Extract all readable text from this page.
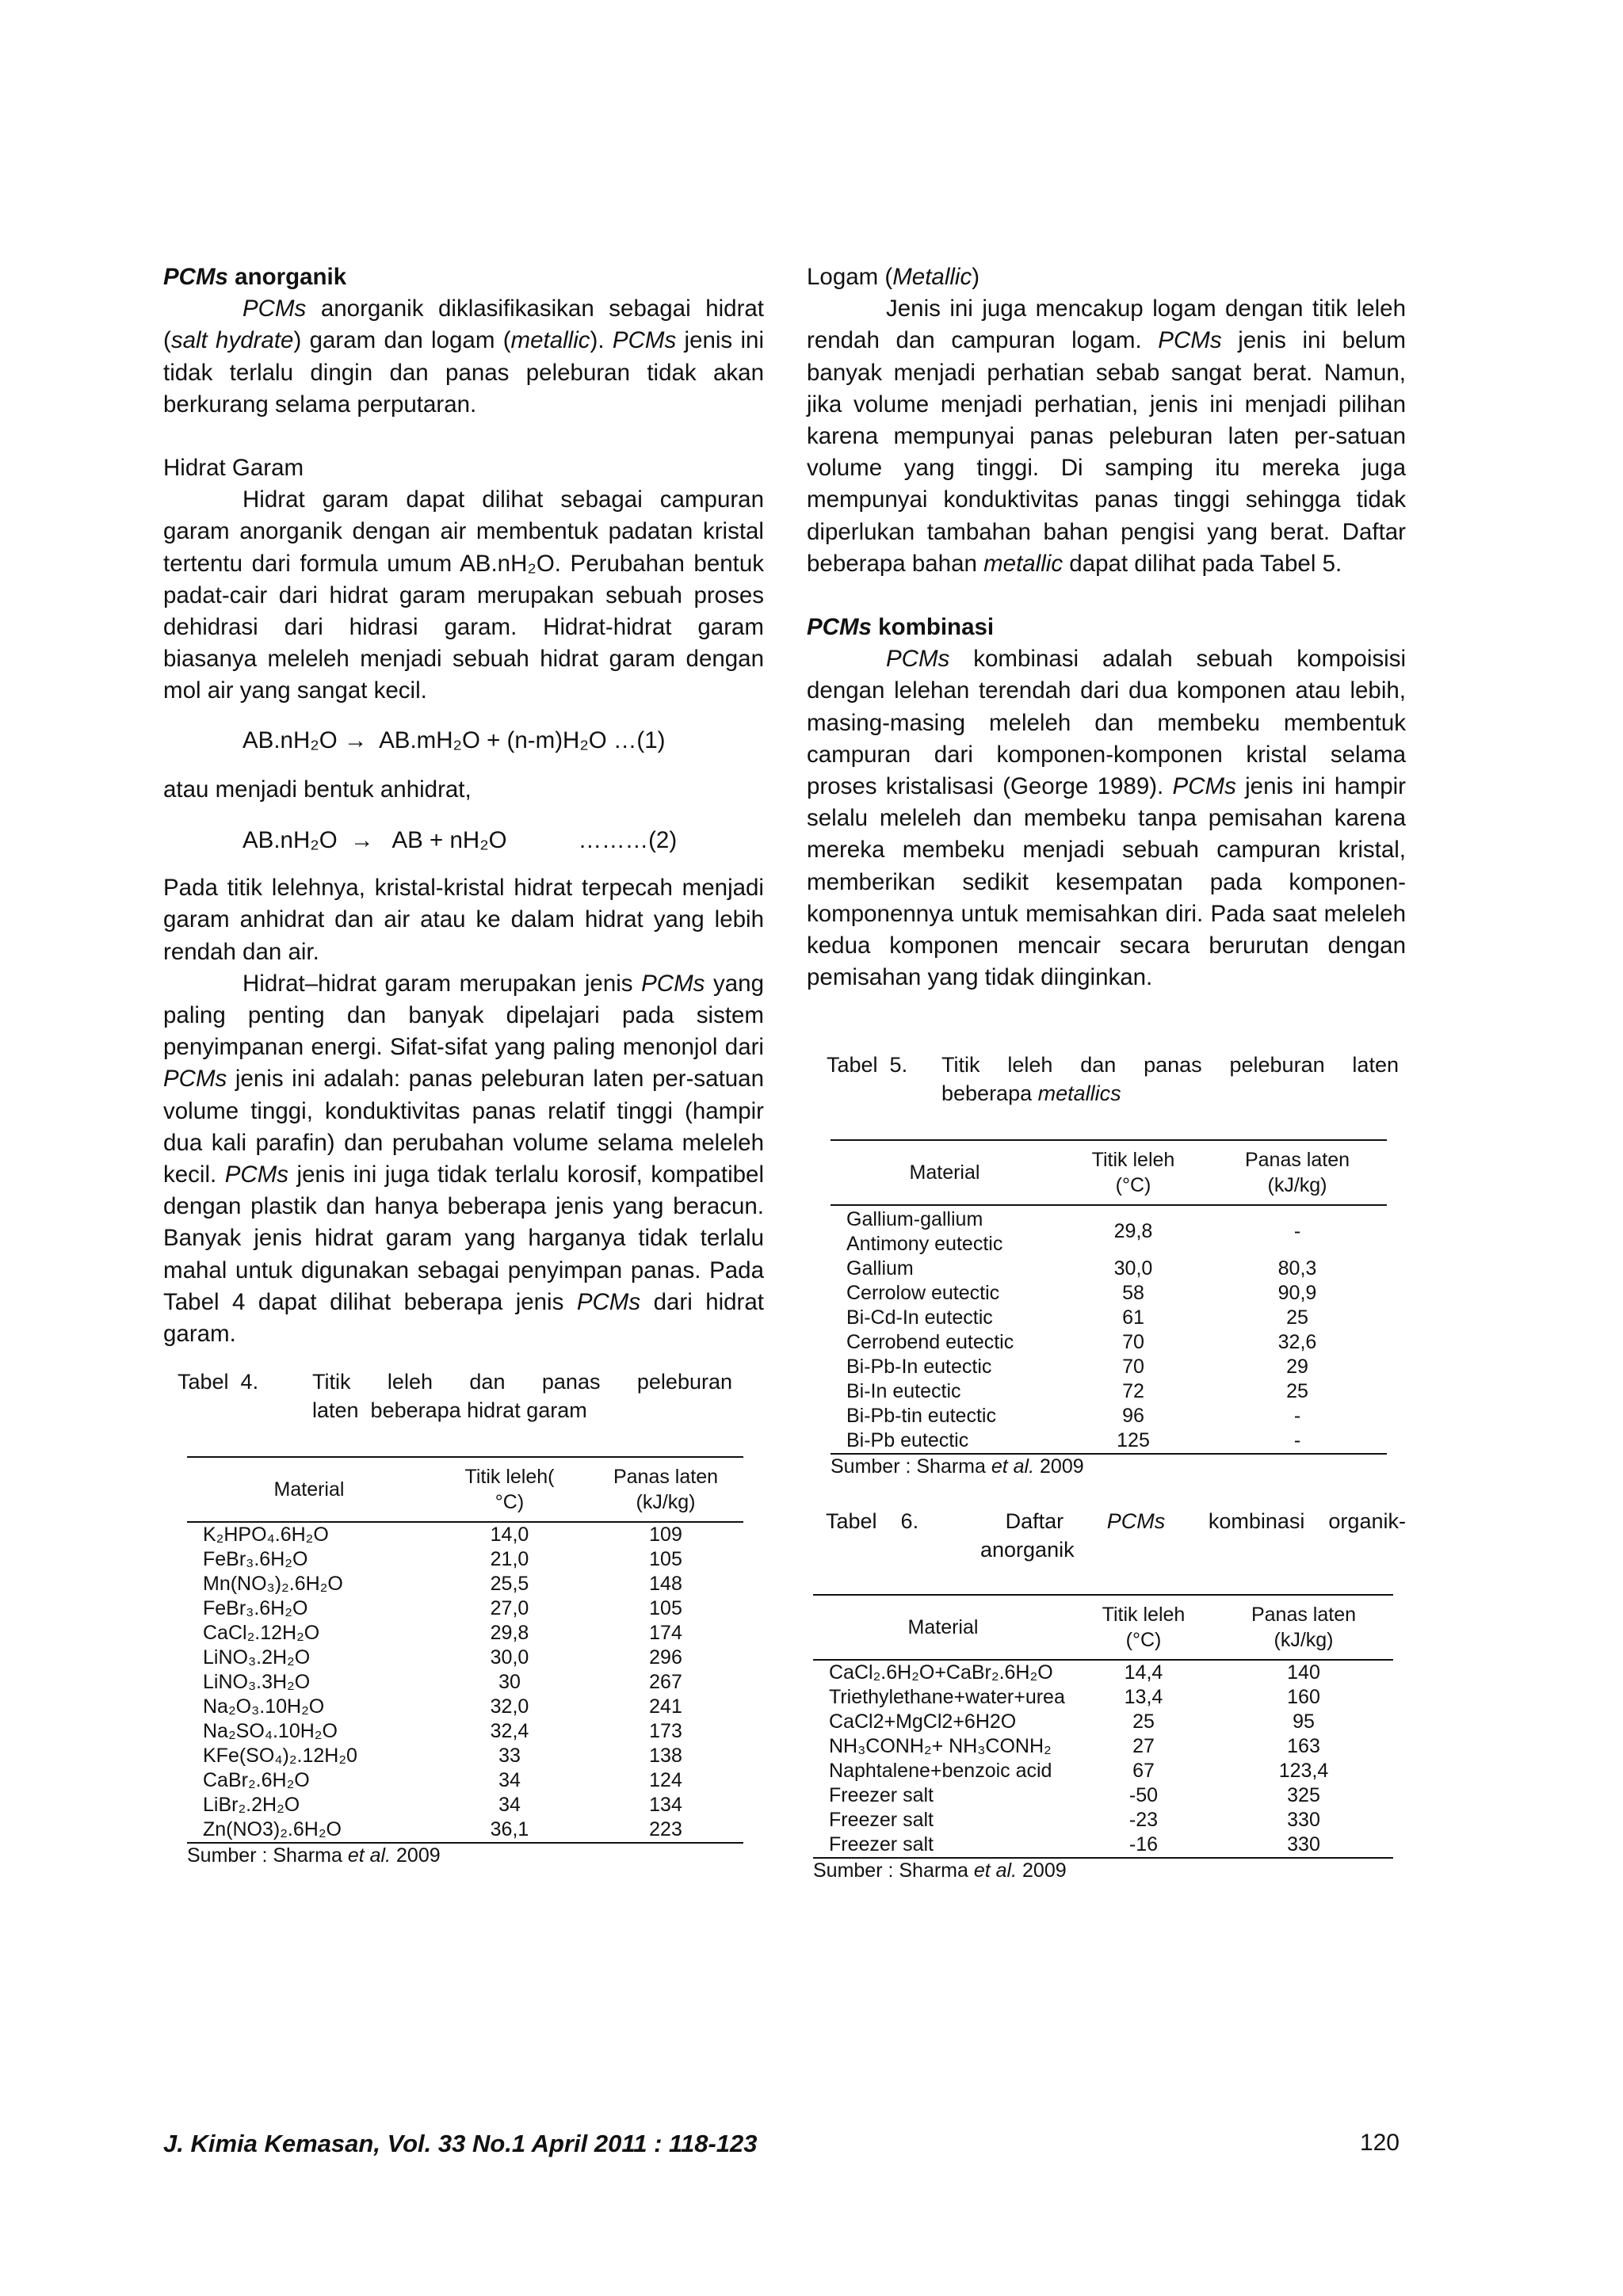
PCMs anorganik

PCMs anorganik diklasifikasikan sebagai hidrat (salt hydrate) garam dan logam (metallic). PCMs jenis ini tidak terlalu dingin dan panas peleburan tidak akan berkurang selama perputaran.

Hidrat Garam

Hidrat garam dapat dilihat sebagai campuran garam anorganik dengan air membentuk padatan kristal tertentu dari formula umum AB.nH₂O. Perubahan bentuk padat-cair dari hidrat garam merupakan sebuah proses dehidrasi dari hidrasi garam. Hidrat-hidrat garam biasanya meleleh menjadi sebuah hidrat garam dengan mol air yang sangat kecil.

AB.nH₂O →  AB.mH₂O + (n-m)H₂O …(1)

atau menjadi bentuk anhidrat,

AB.nH₂O  →   AB + nH₂O	………(2)

Pada titik lelehnya, kristal-kristal hidrat terpecah menjadi garam anhidrat dan air atau ke dalam hidrat yang lebih rendah dan air.

Hidrat–hidrat garam merupakan jenis PCMs yang paling penting dan banyak dipelajari pada sistem penyimpanan energi. Sifat-sifat yang paling menonjol dari PCMs jenis ini adalah: panas peleburan laten per-satuan volume tinggi, konduktivitas panas relatif tinggi (hampir dua kali parafin) dan perubahan volume selama meleleh kecil. PCMs jenis ini juga tidak terlalu korosif, kompatibel dengan plastik dan hanya beberapa jenis yang beracun. Banyak jenis hidrat garam yang harganya tidak terlalu mahal untuk digunakan sebagai penyimpan panas. Pada Tabel 4 dapat dilihat beberapa jenis PCMs dari hidrat garam.

Tabel  4.	Titik  leleh  dan  panas  peleburan
laten  beberapa hidrat garam
Material	Titik leleh(
°C)	Panas laten
(kJ/kg)
K₂HPO₄.6H₂O	14,0	109
FeBr₃.6H₂O	21,0	105
Mn(NO₃)₂.6H₂O	25,5	148
FeBr₃.6H₂O	27,0	105
CaCl₂.12H₂O	29,8	174
LiNO₃.2H₂O	30,0	296
LiNO₃.3H₂O	30	267
Na₂O₃.10H₂O	32,0	241
Na₂SO₄.10H₂O	32,4	173
KFe(SO₄)₂.12H₂0	33	138
CaBr₂.6H₂O	34	124
LiBr₂.2H₂O	34	134
Zn(NO3)₂.6H₂O	36,1	223
Sumber : Sharma et al. 2009

Logam (Metallic)

Jenis ini juga mencakup logam dengan titik leleh rendah dan campuran logam. PCMs jenis ini belum banyak menjadi perhatian sebab sangat berat. Namun, jika volume menjadi perhatian, jenis ini menjadi pilihan karena mempunyai panas peleburan laten per-satuan volume yang tinggi. Di samping itu mereka juga mempunyai konduktivitas panas tinggi sehingga tidak diperlukan tambahan bahan pengisi yang berat. Daftar beberapa bahan metallic dapat dilihat pada Tabel 5.

PCMs kombinasi

PCMs kombinasi adalah sebuah kompoisisi dengan lelehan terendah dari dua komponen atau lebih, masing-masing meleleh dan membeku membentuk campuran dari komponen-komponen kristal selama proses kristalisasi (George 1989). PCMs jenis ini hampir selalu meleleh dan membeku tanpa pemisahan karena mereka membeku menjadi sebuah campuran kristal, memberikan sedikit kesempatan pada komponen-komponennya untuk memisahkan diri. Pada saat meleleh kedua komponen mencair secara berurutan dengan pemisahan yang tidak diinginkan.

Tabel  5.	Titik  leleh  dan  panas  peleburan  laten
beberapa metallics
Material	Titik leleh
(°C)	Panas laten
(kJ/kg)
Gallium-gallium
Antimony eutectic	29,8	-
Gallium	30,0	80,3
Cerrolow eutectic	58	90,9
Bi-Cd-In eutectic	61	25
Cerrobend eutectic	70	32,6
Bi-Pb-In eutectic	70	29
Bi-In eutectic	72	25
Bi-Pb-tin eutectic	96	-
Bi-Pb eutectic	125	-
Sumber : Sharma et al. 2009
Tabel    6.	Daftar PCMs kombinasi    organik-
anorganik
Material	Titik leleh
(°C)	Panas laten
(kJ/kg)
CaCl₂.6H₂O+CaBr₂.6H₂O	14,4	140
Triethylethane+water+urea	13,4	160
CaCl2+MgCl2+6H2O	25	95
NH₃CONH₂+ NH₃CONH₂	27	163
Naphtalene+benzoic acid	67	123,4
Freezer salt	-50	325
Freezer salt	-23	330
Freezer salt	-16	330
Sumber : Sharma et al. 2009
J. Kimia Kemasan, Vol. 33 No.1 April 2011 : 118-123	120
